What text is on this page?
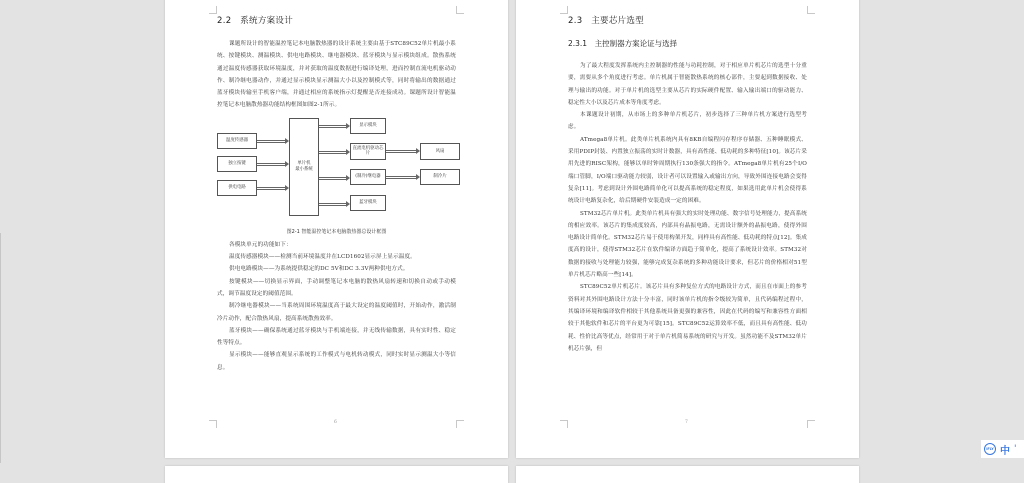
2.2　系统方案设计

课题所设计的智能温控笔记本电脑散热器的设计系统主要由基于STC89C52单片机最小系统、按键模块、测温模块、供电电路模块、继电器模块、蓝牙模块与显示模块组成。散热系统通过温度传感器获取环境温度，并对获取的温度数据进行编译处理，进而控制直流电机驱动动作、制冷继电器动作，并通过显示模块显示测温大小以及控制模式等，同时将输出的数据通过蓝牙模块传输至手机客户端，并通过相应的系统指示灯提醒是否连接成功。课题所设计智能温控笔记本电脑散热器功能结构框图如图2-1所示。

温度传感器
独立按键
供电电路
单片机
最小系统
显示模块
直流电机驱动芯片
(制冷)继电器
蓝牙模块
风扇
制冷片
图2-1 智能温控笔记本电脑散热器总设计框图

各模块单元的功能如下：

温度传感器模块——检测当前环境温度并在LCD1602显示屏上显示温度。

供电电路模块——为系统提供稳定的DC 5V和DC 3.3V两种供电方式。

按键模块——切换显示界面，手动调整笔记本电脑的散热风扇转速和切换自动或手动模式，调节温度设定的阈值范围。

制冷继电器模块——当系统周围环境温度高于最大设定的温度阈值时，开始动作，激活制冷片动作，配合散热风扇，提高系统散热效率。

蓝牙模块——确保系统通过蓝牙模块与手机端连接，并无线传输数据，具有实时性、稳定性等特点。

显示模块——能够直观显示系统的工作模式与电机转动模式，同时实时显示测温大小等信息。

6
2.3　主要芯片选型
2.3.1　主控制器方案论证与选择

为了最大程度发挥系统内主控制器的性能与功耗控制，对于相应单片机芯片的选型十分重要，需要从多个角度进行考虑。单片机属于智能散热系统的核心部件，主要起到数据接收、处理与输出的功能。对于单片机的选型主要从芯片的实际硬件配置、输入输出端口的驱动能力、稳定性大小以及芯片成本等角度考虑。

本课题设计初期，从市场上的多种单片机芯片，初步选择了三种单片机方案进行选型考虑。

ATmega8单片机。此类单片机系统内具有8KB自编程闪存程序存储器、五种睡眠模式、采用PDIP封装、内置独立振荡的实时计数器，具有高性能、低功耗的多种特征[10]。该芯片采用先进的RISC架构，能够以单时钟周期执行130条强大的指令。ATmega8单片机有25个I/O端口管脚，I/O端口驱动能力较弱，设计者可以设置输入或输出方向，导致外围连接电路会变得复杂[11]。考虑到设计外围电路简单化可以提高系统的稳定程度，如果选用此单片机会使得系统设计电路复杂化，给后期硬件安装造成一定的困难。

STM32芯片单片机。此类单片机具有强大的实时处理功能、数字信号处理能力，提高系统的相应效率。该芯片的集成度较高，内部具有晶振电路，无需设计额外的晶振电路，使得外围电路设计简单化。STM32芯片易于使用构架开发，同样具有高性能、低功耗的特点[12]。集成度高的设计，使得STM32芯片在软件编译方面趋于简单化，提高了系统设计效率。STM32对数据的接收与处理能力较强，能够完成复杂系统的多种功能设计要求，但芯片的价格相对51型单片机芯片略高一些[14]。

STC89C52单片机芯片。该芯片具有多种复位方式的电路设计方式，而且在市面上的参考资料对其外围电路设计方法十分丰富，同时该单片机的指令级较为简单，且代码编程过程中，其编译环境和编译软件相较于其他系统具备更强的兼容性，因此在代码的编写和兼容性方面相较于其他软件和芯片的平台更为可靠[15]。STC89C52运算效率不低，而且具有高性能、低功耗、性价比高等优点，经常用于对于单片机简易系统的研究与开发。虽然功能不及STM32单片机芯片强，但

7
iFLY 中 '
